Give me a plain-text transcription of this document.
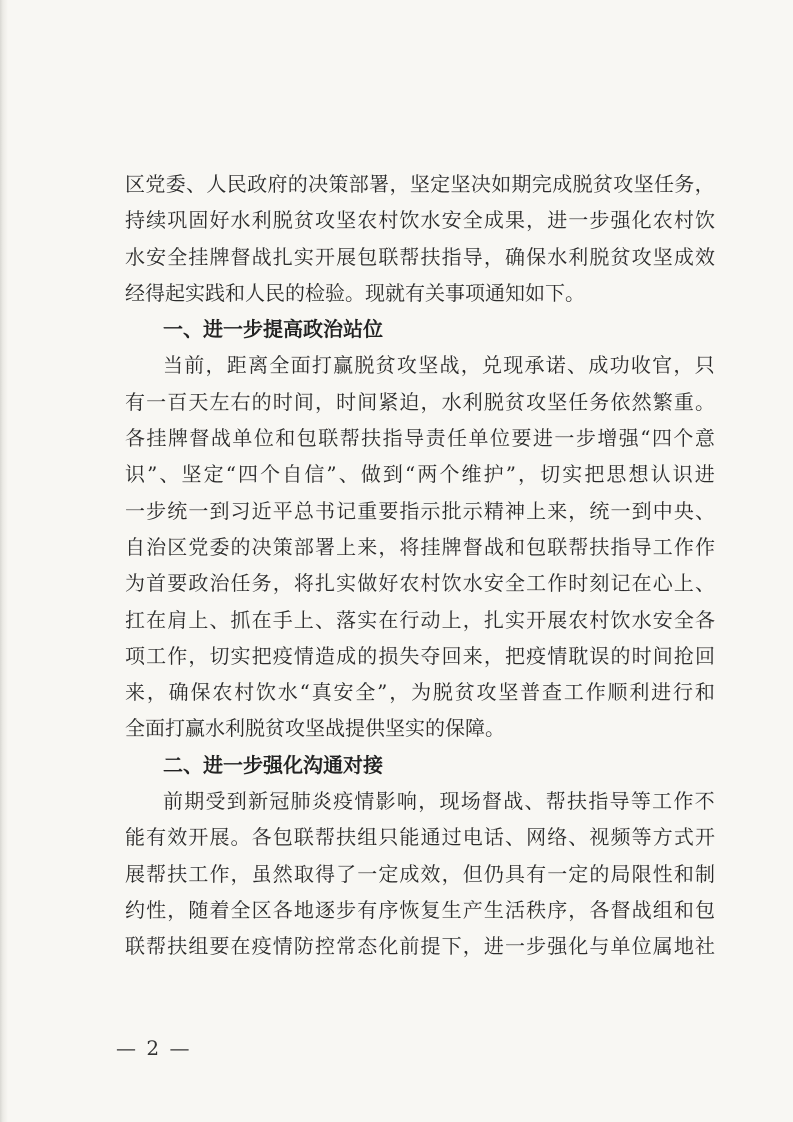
区 党 委 、 人 民 政 府 的 决 策 部 署 ， 坚 定 坚 决 如 期 完 成 脱 贫 攻 坚 任 务 ，
持 续 巩 固 好 水 利 脱 贫 攻 坚 农 村 饮 水 安 全 成 果 ， 进 一 步 强 化 农 村 饮
水 安 全 挂 牌 督 战 扎 实 开 展 包 联 帮 扶 指 导 ， 确 保 水 利 脱 贫 攻 坚 成 效
经得起实践和人民的检验。现就有关事项通知如下。
一、进一步提高政治站位
当 前 ， 距 离 全 面 打 赢 脱 贫 攻 坚 战 ， 兑 现 承 诺 、 成 功 收 官 ， 只
有 一 百 天 左 右 的 时 间 ， 时 间 紧 迫 ， 水 利 脱 贫 攻 坚 任 务 依 然 繁 重 。
各 挂 牌 督 战 单 位 和 包 联 帮 扶 指 导 责 任 单 位 要 进 一 步 增 强 “ 四 个 意
识 ” 、 坚 定 “ 四 个 自 信 ” 、 做 到 “ 两 个 维 护 ” ， 切 实 把 思 想 认 识 进
一 步 统 一 到 习 近 平 总 书 记 重 要 指 示 批 示 精 神 上 来 ， 统 一 到 中 央 、
自 治 区 党 委 的 决 策 部 署 上 来 ， 将 挂 牌 督 战 和 包 联 帮 扶 指 导 工 作 作
为 首 要 政 治 任 务 ， 将 扎 实 做 好 农 村 饮 水 安 全 工 作 时 刻 记 在 心 上 、
扛 在 肩 上 、 抓 在 手 上 、 落 实 在 行 动 上 ， 扎 实 开 展 农 村 饮 水 安 全 各
项 工 作 ， 切 实 把 疫 情 造 成 的 损 失 夺 回 来 ， 把 疫 情 耽 误 的 时 间 抢 回
来 ， 确 保 农 村 饮 水 “ 真 安 全 ” ， 为 脱 贫 攻 坚 普 查 工 作 顺 利 进 行 和
全面打赢水利脱贫攻坚战提供坚实的保障。
二、进一步强化沟通对接
前 期 受 到 新 冠 肺 炎 疫 情 影 响 ， 现 场 督 战 、 帮 扶 指 导 等 工 作 不
能 有 效 开 展 。 各 包 联 帮 扶 组 只 能 通 过 电 话 、 网 络 、 视 频 等 方 式 开
展 帮 扶 工 作 ， 虽 然 取 得 了 一 定 成 效 ， 但 仍 具 有 一 定 的 局 限 性 和 制
约 性 ， 随 着 全 区 各 地 逐 步 有 序 恢 复 生 产 生 活 秩 序 ， 各 督 战 组 和 包
联 帮 扶 组 要 在 疫 情 防 控 常 态 化 前 提 下 ， 进 一 步 强 化 与 单 位 属 地 社
— 2 —
